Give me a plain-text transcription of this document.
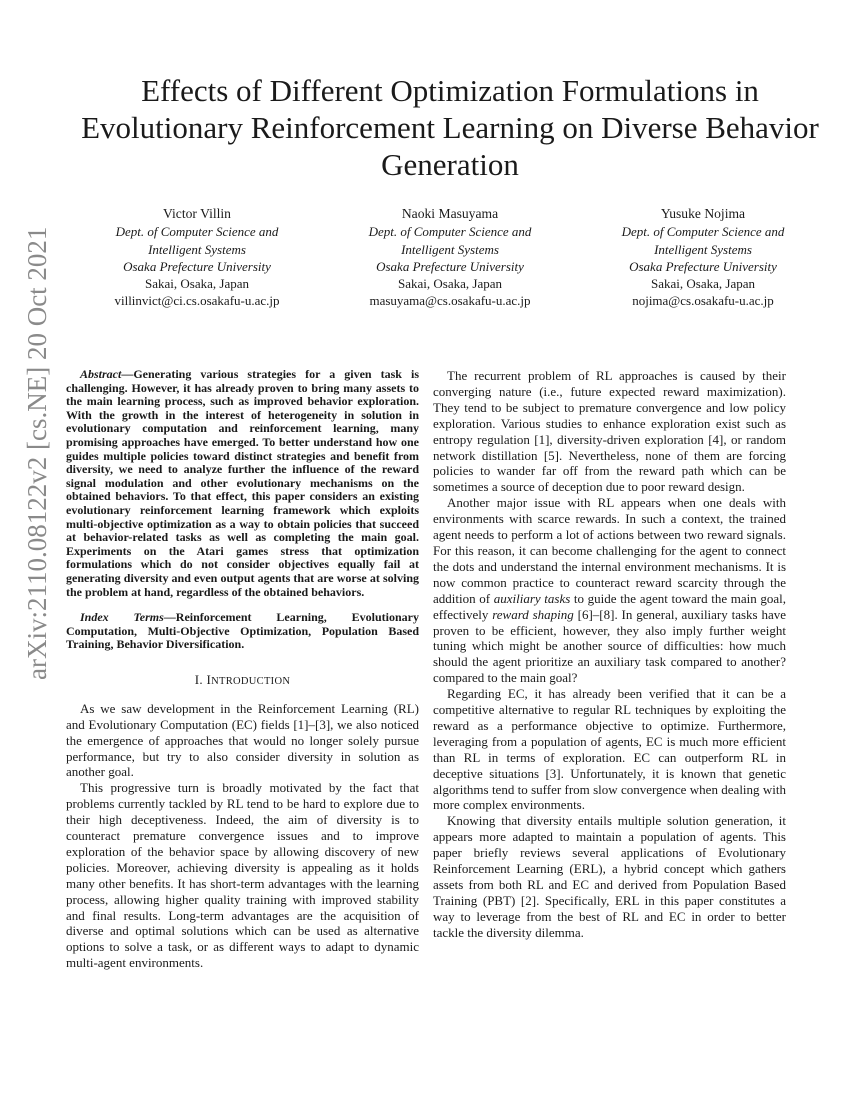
arXiv:2110.08122v2 [cs.NE] 20 Oct 2021
Effects of Different Optimization Formulations in Evolutionary Reinforcement Learning on Diverse Behavior Generation
Victor Villin
Dept. of Computer Science and
Intelligent Systems
Osaka Prefecture University
Sakai, Osaka, Japan
villinvict@ci.cs.osakafu-u.ac.jp
Naoki Masuyama
Dept. of Computer Science and
Intelligent Systems
Osaka Prefecture University
Sakai, Osaka, Japan
masuyama@cs.osakafu-u.ac.jp
Yusuke Nojima
Dept. of Computer Science and
Intelligent Systems
Osaka Prefecture University
Sakai, Osaka, Japan
nojima@cs.osakafu-u.ac.jp

Abstract—Generating various strategies for a given task is challenging. However, it has already proven to bring many assets to the main learning process, such as improved behavior exploration. With the growth in the interest of heterogeneity in solution in evolutionary computation and reinforcement learning, many promising approaches have emerged. To better understand how one guides multiple policies toward distinct strategies and benefit from diversity, we need to analyze further the influence of the reward signal modulation and other evolutionary mechanisms on the obtained behaviors. To that effect, this paper considers an existing evolutionary reinforcement learning framework which exploits multi-objective optimization as a way to obtain policies that succeed at behavior-related tasks as well as completing the main goal. Experiments on the Atari games stress that optimization formulations which do not consider objectives equally fail at generating diversity and even output agents that are worse at solving the problem at hand, regardless of the obtained behaviors.

Index Terms—Reinforcement Learning, Evolutionary Computation, Multi-Objective Optimization, Population Based Training, Behavior Diversification.

I. INTRODUCTION

As we saw development in the Reinforcement Learning (RL) and Evolutionary Computation (EC) fields [1]–[3], we also noticed the emergence of approaches that would no longer solely pursue performance, but try to also consider diversity in solution as another goal.

This progressive turn is broadly motivated by the fact that problems currently tackled by RL tend to be hard to explore due to their high deceptiveness. Indeed, the aim of diversity is to counteract premature convergence issues and to improve exploration of the behavior space by allowing discovery of new policies. Moreover, achieving diversity is appealing as it holds many other benefits. It has short-term advantages with the learning process, allowing higher quality training with improved stability and final results. Long-term advantages are the acquisition of diverse and optimal solutions which can be used as alternative options to solve a task, or as different ways to adapt to dynamic multi-agent environments.

The recurrent problem of RL approaches is caused by their converging nature (i.e., future expected reward maximization). They tend to be subject to premature convergence and low policy exploration. Various studies to enhance exploration exist such as entropy regulation [1], diversity-driven exploration [4], or random network distillation [5]. Nevertheless, none of them are forcing policies to wander far off from the reward path which can be sometimes a source of deception due to poor reward design.

Another major issue with RL appears when one deals with environments with scarce rewards. In such a context, the trained agent needs to perform a lot of actions between two reward signals. For this reason, it can become challenging for the agent to connect the dots and understand the internal environment mechanisms. It is now common practice to counteract reward scarcity through the addition of auxiliary tasks to guide the agent toward the main goal, effectively reward shaping [6]–[8]. In general, auxiliary tasks have proven to be efficient, however, they also imply further weight tuning which might be another source of difficulties: how much should the agent prioritize an auxiliary task compared to another? compared to the main goal?

Regarding EC, it has already been verified that it can be a competitive alternative to regular RL techniques by exploiting the reward as a performance objective to optimize. Furthermore, leveraging from a population of agents, EC is much more efficient than RL in terms of exploration. EC can outperform RL in deceptive situations [3]. Unfortunately, it is known that genetic algorithms tend to suffer from slow convergence when dealing with more complex environments.

Knowing that diversity entails multiple solution generation, it appears more adapted to maintain a population of agents. This paper briefly reviews several applications of Evolutionary Reinforcement Learning (ERL), a hybrid concept which gathers assets from both RL and EC and derived from Population Based Training (PBT) [2]. Specifically, ERL in this paper constitutes a way to leverage from the best of RL and EC in order to better tackle the diversity dilemma.
